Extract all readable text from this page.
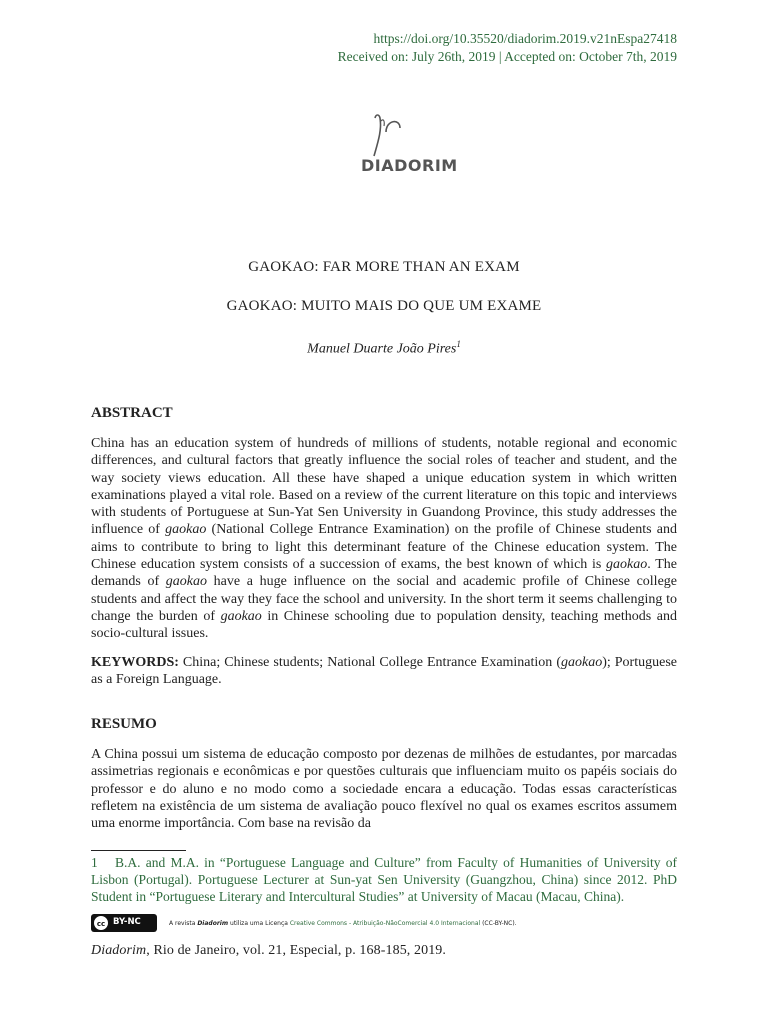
https://doi.org/10.35520/diadorim.2019.v21nEspa27418
Received on: July 26th, 2019 | Accepted on: October 7th, 2019
DIADORIM
GAOKAO: FAR MORE THAN AN EXAM
GAOKAO: MUITO MAIS DO QUE UM EXAME
Manuel Duarte João Pires$^1$
ABSTRACT
China has an education system of hundreds of millions of students, notable regional and economic differences, and cultural factors that greatly influence the social roles of teacher and student, and the way society views education. All these have shaped a unique education system in which written examinations played a vital role. Based on a review of the current literature on this topic and interviews with students of Portuguese at Sun-Yat Sen University in Guandong Province, this study addresses the influence of gaokao (National College Entrance Examination) on the profile of Chinese students and aims to contribute to bring to light this determinant feature of the Chinese education system. The Chinese education system consists of a succession of exams, the best known of which is gaokao. The demands of gaokao have a huge influence on the social and academic profile of Chinese college students and affect the way they face the school and university. In the short term it seems challenging to change the burden of gaokao in Chinese schooling due to population density, teaching methods and socio-cultural issues.
KEYWORDS: China; Chinese students; National College Entrance Examination (gaokao); Portuguese as a Foreign Language.
RESUMO
A China possui um sistema de educação composto por dezenas de milhões de estudantes, por marcadas assimetrias regionais e econômicas e por questões culturais que influenciam muito os papéis sociais do professor e do aluno e no modo como a sociedade encara a educação. Todas essas características refletem na existência de um sistema de avaliação pouco flexível no qual os exames escritos assumem uma enorme importância. Com base na revisão da
1 B.A. and M.A. in “Portuguese Language and Culture” from Faculty of Humanities of University of Lisbon (Portugal). Portuguese Lecturer at Sun-yat Sen University (Guangzhou, China) since 2012. PhD Student in “Portuguese Literary and Intercultural Studies” at University of Macau (Macau, China).
cc BY-NC	A revista Diadorim utiliza uma Licença Creative Commons - Atribuição-NãoComercial 4.0 Internacional (CC-BY-NC).
Diadorim, Rio de Janeiro, vol. 21, Especial, p. 168-185, 2019.
